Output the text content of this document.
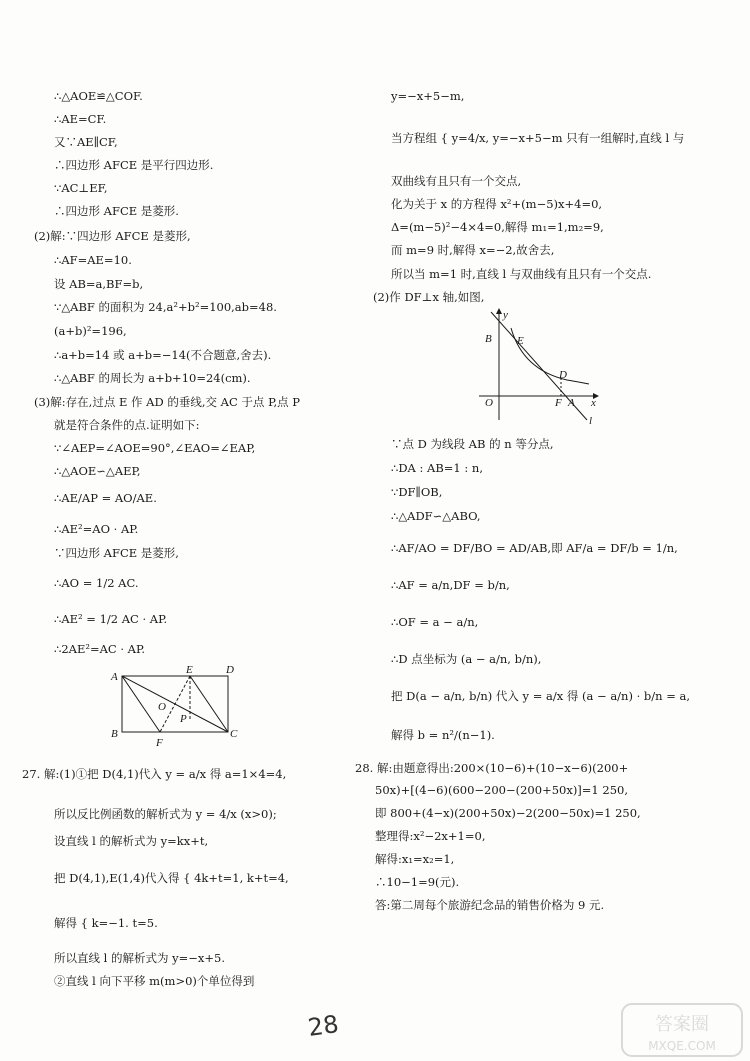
∴△AOE≌△COF.
∴AE=CF.
又∵AE∥CF,
∴四边形 AFCE 是平行四边形.
∵AC⊥EF,
∴四边形 AFCE 是菱形.
(2)解:∵四边形 AFCE 是菱形,
∴AF=AE=10.
设 AB=a,BF=b,
∵△ABF 的面积为 24,a²+b²=100,ab=48.
(a+b)²=196,
∴a+b=14 或 a+b=−14(不合题意,舍去).
∴△ABF 的周长为 a+b+10=24(cm).
(3)解:存在,过点 E 作 AD 的垂线,交 AC 于点 P,点 P
就是符合条件的点.证明如下:
∵∠AEP=∠AOE=90°,∠EAO=∠EAP,
∴△AOE∽△AEP,
∴AE/AP = AO/AE.
∴AE²=AO · AP.
∵四边形 AFCE 是菱形,
∴AO = 1/2 AC.
∴AE² = 1/2 AC · AP.
∴2AE²=AC · AP.
A
E	D
O
P
B
F
C
27. 解:(1)①把 D(4,1)代入 y = a/x 得 a=1×4=4,
所以反比例函数的解析式为 y = 4/x (x>0);
设直线 l 的解析式为 y=kx+t,
把 D(4,1),E(1,4)代入得 { 4k+t=1, k+t=4,
解得 { k=−1. t=5.
所以直线 l 的解析式为 y=−x+5.
②直线 l 向下平移 m(m>0)个单位得到
y=−x+5−m,
当方程组 { y=4/x, y=−x+5−m 只有一组解时,直线 l 与
双曲线有且只有一个交点,
化为关于 x 的方程得 x²+(m−5)x+4=0,
Δ=(m−5)²−4×4=0,解得 m₁=1,m₂=9,
而 m=9 时,解得 x=−2,故舍去,
所以当 m=1 时,直线 l 与双曲线有且只有一个交点.
(2)作 DF⊥x 轴,如图,
y
B E
D
O	F A x
l
∵点 D 为线段 AB 的 n 等分点,
∴DA : AB=1 : n,
∵DF∥OB,
∴△ADF∽△ABO,
∴AF/AO = DF/BO = AD/AB,即 AF/a = DF/b = 1/n,
∴AF = a/n,DF = b/n,
∴OF = a − a/n,
∴D 点坐标为 (a − a/n, b/n),
把 D(a − a/n, b/n) 代入 y = a/x 得 (a − a/n) · b/n = a,
解得 b = n²/(n−1).
28. 解:由题意得出:200×(10−6)+(10−x−6)(200+
50x)+[(4−6)(600−200−(200+50x)]=1 250,
即 800+(4−x)(200+50x)−2(200−50x)=1 250,
整理得:x²−2x+1=0,
解得:x₁=x₂=1,
∴10−1=9(元).
答:第二周每个旅游纪念品的销售价格为 9 元.
28	答案圈
MXQE.COM
